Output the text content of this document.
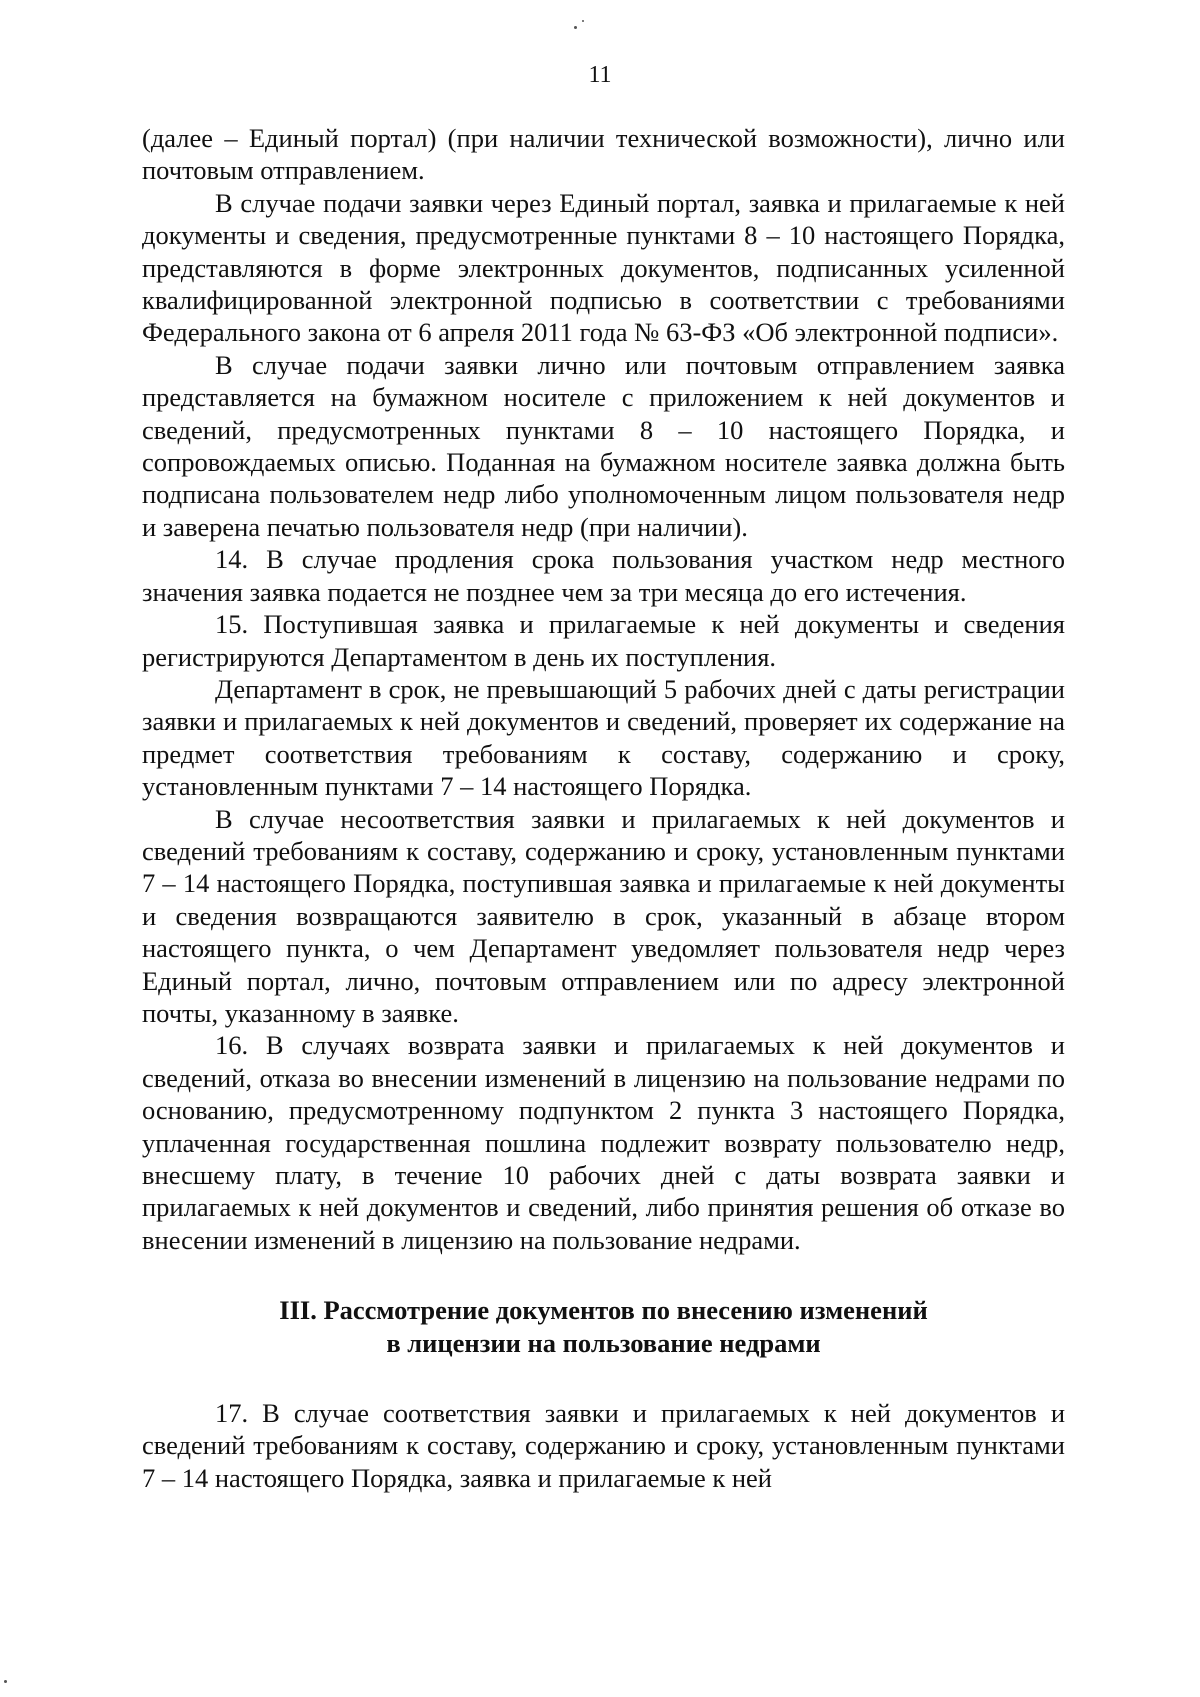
11

(далее – Единый портал) (при наличии технической возможности), лично или почтовым отправлением.

В случае подачи заявки через Единый портал, заявка и прилагаемые к ней документы и сведения, предусмотренные пунктами 8 – 10 настоящего Порядка, представляются в форме электронных документов, подписанных усиленной квалифицированной электронной подписью в соответствии с требованиями Федерального закона от 6 апреля 2011 года № 63-ФЗ «Об электронной подписи».

В случае подачи заявки лично или почтовым отправлением заявка представляется на бумажном носителе с приложением к ней документов и сведений, предусмотренных пунктами 8 – 10 настоящего Порядка, и сопровождаемых описью. Поданная на бумажном носителе заявка должна быть подписана пользователем недр либо уполномоченным лицом пользователя недр и заверена печатью пользователя недр (при наличии).

14. В случае продления срока пользования участком недр местного значения заявка подается не позднее чем за три месяца до его истечения.

15. Поступившая заявка и прилагаемые к ней документы и сведения регистрируются Департаментом в день их поступления.

Департамент в срок, не превышающий 5 рабочих дней с даты регистрации заявки и прилагаемых к ней документов и сведений, проверяет их содержание на предмет соответствия требованиям к составу, содержанию и сроку, установленным пунктами 7 – 14 настоящего Порядка.

В случае несоответствия заявки и прилагаемых к ней документов и сведений требованиям к составу, содержанию и сроку, установленным пунктами 7 – 14 настоящего Порядка, поступившая заявка и прилагаемые к ней документы и сведения возвращаются заявителю в срок, указанный в абзаце втором настоящего пункта, о чем Департамент уведомляет пользователя недр через Единый портал, лично, почтовым отправлением или по адресу электронной почты, указанному в заявке.

16. В случаях возврата заявки и прилагаемых к ней документов и сведений, отказа во внесении изменений в лицензию на пользование недрами по основанию, предусмотренному подпунктом 2 пункта 3 настоящего Порядка, уплаченная государственная пошлина подлежит возврату пользователю недр, внесшему плату, в течение 10 рабочих дней с даты возврата заявки и прилагаемых к ней документов и сведений, либо принятия решения об отказе во внесении изменений в лицензию на пользование недрами.

III. Рассмотрение документов по внесению изменений
в лицензии на пользование недрами

17. В случае соответствия заявки и прилагаемых к ней документов и сведений требованиям к составу, содержанию и сроку, установленным пунктами 7 – 14 настоящего Порядка, заявка и прилагаемые к ней
